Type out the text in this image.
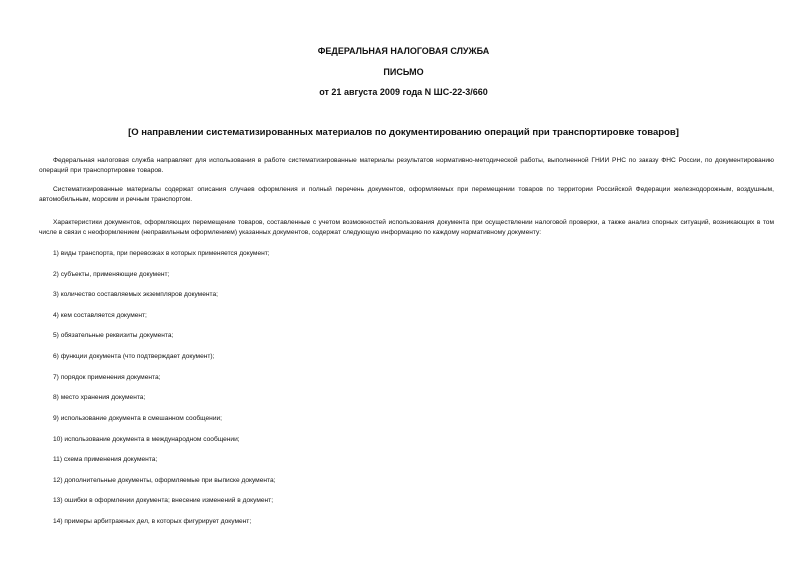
ФЕДЕРАЛЬНАЯ НАЛОГОВАЯ СЛУЖБА
ПИСЬМО
от 21 августа 2009 года N ШС-22-3/660
[О направлении систематизированных материалов по документированию операций при транспортировке товаров]
Федеральная налоговая служба направляет для использования в работе систематизированные материалы результатов нормативно-методической работы, выполненной ГНИИ РНС по заказу ФНС России, по документированию операций при транспортировке товаров.
Систематизированные материалы содержат описания случаев оформления и полный перечень документов, оформляемых при перемещении товаров по территории Российской Федерации железнодорожным, воздушным, автомобильным, морским и речным транспортом.
Характеристики документов, оформляющих перемещение товаров, составленные с учетом возможностей использования документа при осуществлении налоговой проверки, а также анализ спорных ситуаций, возникающих в том числе в связи с неоформлением (неправильным оформлением) указанных документов, содержат следующую информацию по каждому нормативному документу:
1) виды транспорта, при перевозках в которых применяется документ;
2) субъекты, применяющие документ;
3) количество составляемых экземпляров документа;
4) кем составляется документ;
5) обязательные реквизиты документа;
6) функции документа (что подтверждает документ);
7) порядок применения документа;
8) место хранения документа;
9) использование документа в смешанном сообщении;
10) использование документа в международном сообщении;
11) схема применения документа;
12) дополнительные документы, оформляемые при выписке документа;
13) ошибки в оформлении документа; внесение изменений в документ;
14) примеры арбитражных дел, в которых фигурирует документ;
